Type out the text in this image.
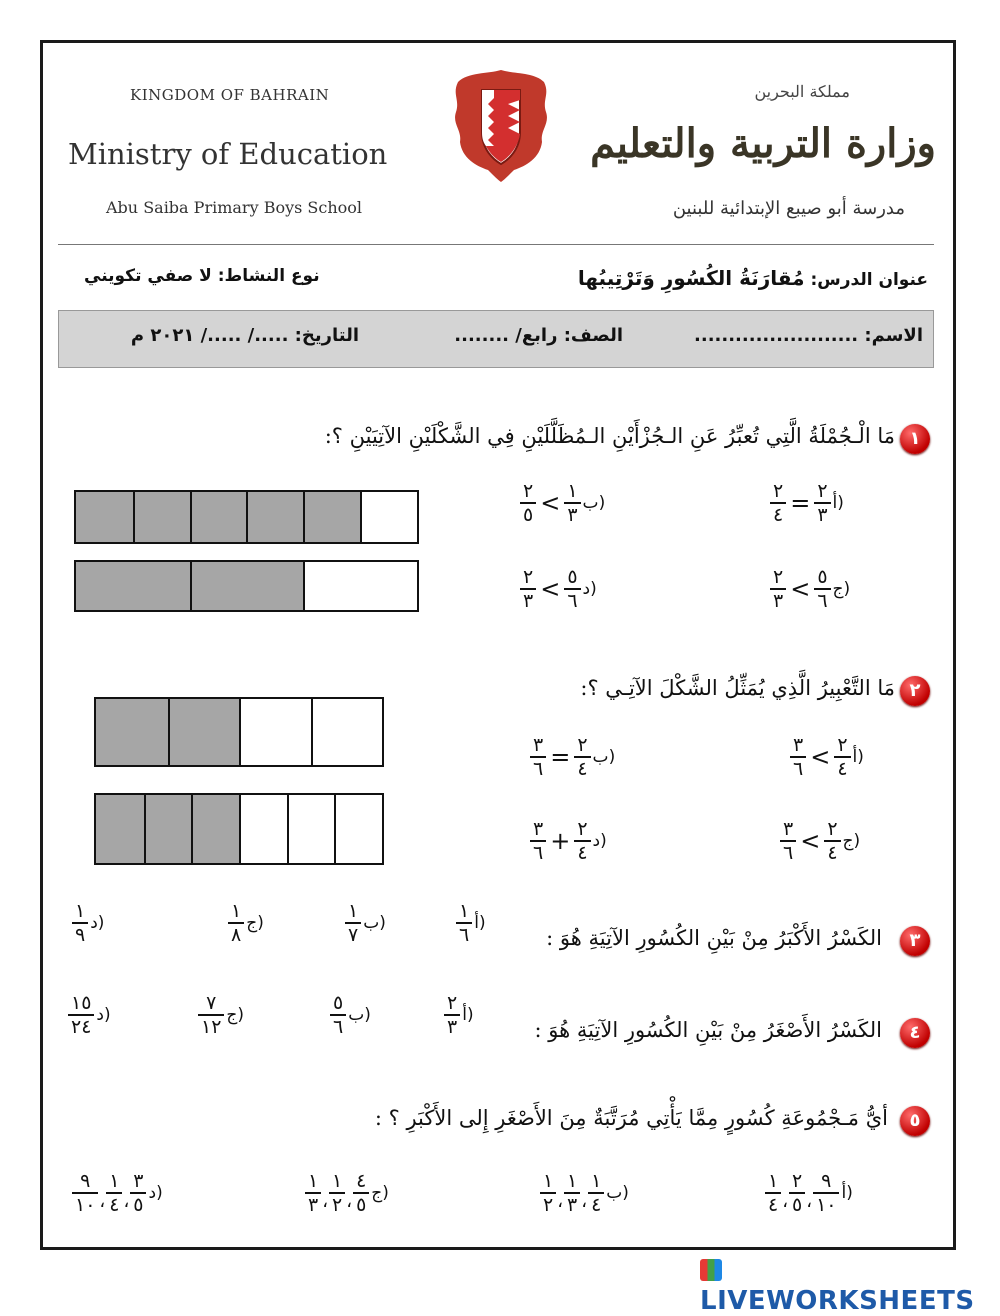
KINGDOM OF BAHRAIN
Ministry of Education
Abu Saiba Primary Boys School
مملكة البحرين
وزارة التربية والتعليم
مدرسة أبو صيبع الإبتدائية للبنين
عنوان الدرس: مُقارَنَةُ الكُسُورِ وَتَرْتِيبُها
نوع النشاط: لا صفي تكويني
الاسم: ........................
الصف: رابع/ ........
التاريخ: ...../ ...../ ٢٠٢١ م
١
مَا الْـجُمْلَةُ الَّتِي تُعبِّرُ عَنِ الـجُزْأَيْنِ الـمُظَلَّلَيْنِ فِي الشَّكْلَيْنِ الآتِيَيْنِ ؟:
$\frac{٢}{٤} = \frac{٢}{٣}$ أ)
$\frac{٢}{٥} < \frac{١}{٣}$ ب)
$\frac{٢}{٣} < \frac{٥}{٦}$ ج)
$\frac{٢}{٣} < \frac{٥}{٦}$ د)
٢
مَا التَّعْبِيرُ الَّذِي يُمَثِّلُ الشَّكْلَ الآتِـي ؟:
$\frac{٣}{٦} < \frac{٢}{٤}$ أ)
$\frac{٣}{٦} = \frac{٢}{٤}$ ب)
$\frac{٣}{٦} < \frac{٢}{٤}$ ج)
$\frac{٣}{٦} + \frac{٢}{٤}$ د)
٣
الكَسْرُ الأَكْبَرُ مِنْ بَيْنِ الكُسُورِ الآتِيَةِ هُوَ :
$\frac{١}{٦}$ أ)
$\frac{١}{٧}$ ب)
$\frac{١}{٨}$ ج)
$\frac{١}{٩}$ د)
٤
الكَسْرُ الأَصْغَرُ مِنْ بَيْنِ الكُسُورِ الآتِيَةِ هُوَ :
$\frac{٢}{٣}$ أ)
$\frac{٥}{٦}$ ب)
$\frac{٧}{١٢}$ ج)
$\frac{١٥}{٢٤}$ د)
٥
أيُّ مَـجْمُوعَةِ كُسُورٍ مِمَّا يَأْتِي مُرَتَّبَةٌ مِنَ الأَصْغَرِ إِلى الأَكْبَرِ ؟ :
$\frac{١}{٤}$ ، $\frac{٢}{٥}$ ، $\frac{٩}{١٠}$ أ)
$\frac{١}{٢}$ ، $\frac{١}{٣}$ ، $\frac{١}{٤}$ ب)
$\frac{١}{٣}$ ، $\frac{١}{٢}$ ، $\frac{٤}{٥}$ ج)
$\frac{٩}{١٠}$ ، $\frac{١}{٤}$ ، $\frac{٣}{٥}$ د)
LIVEWORKSHEETS
